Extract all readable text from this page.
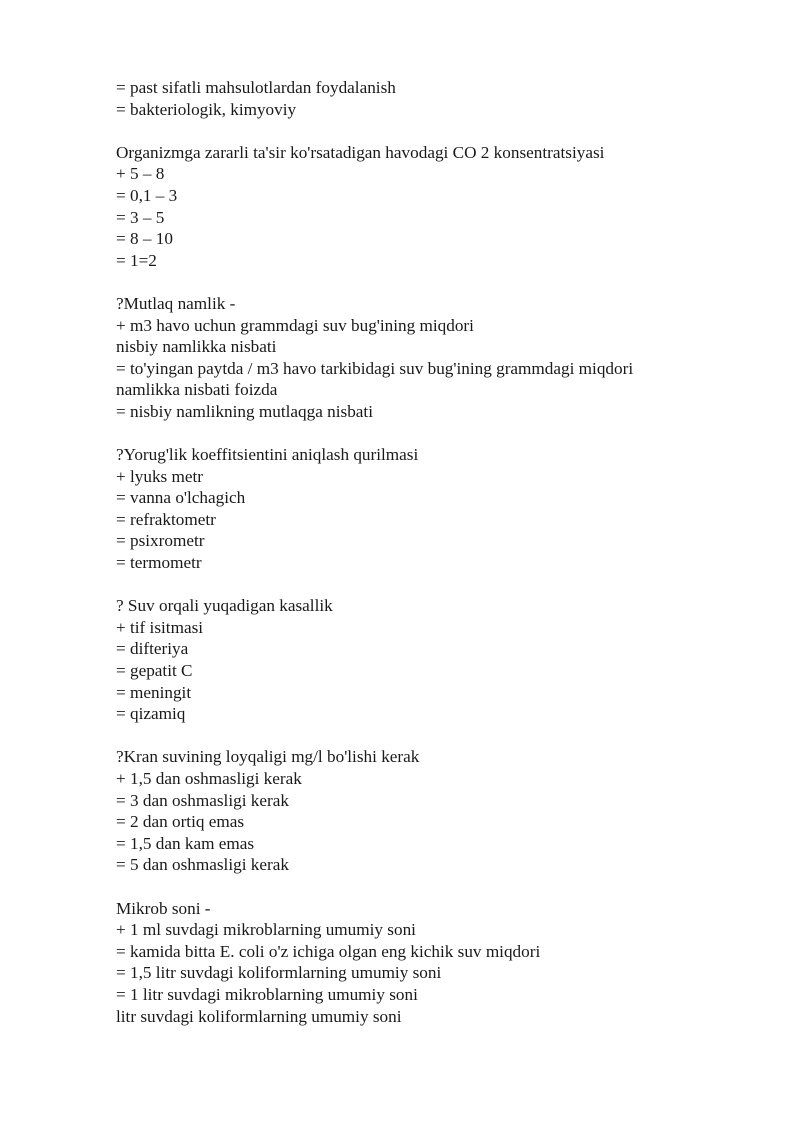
= past sifatli mahsulotlardan foydalanish
= bakteriologik, kimyoviy
Organizmga zararli ta'sir ko'rsatadigan havodagi CO 2 konsentratsiyasi
+ 5 – 8
= 0,1 – 3
= 3 – 5
= 8 – 10
= 1=2
?Mutlaq namlik -
+ m3 havo uchun grammdagi suv bug'ining miqdori
nisbiy namlikka nisbati
= to'yingan paytda / m3 havo tarkibidagi suv bug'ining grammdagi miqdori
namlikka nisbati foizda
= nisbiy namlikning mutlaqga nisbati
?Yorug'lik koeffitsientini aniqlash qurilmasi
+ lyuks metr
= vanna o'lchagich
= refraktometr
= psixrometr
= termometr
? Suv orqali yuqadigan kasallik
+ tif isitmasi
= difteriya
= gepatit C
= meningit
= qizamiq
?Kran suvining loyqaligi mg/l bo'lishi kerak
+ 1,5 dan oshmasligi kerak
= 3 dan oshmasligi kerak
= 2 dan ortiq emas
= 1,5 dan kam emas
= 5 dan oshmasligi kerak
Mikrob soni -
+ 1 ml suvdagi mikroblarning umumiy soni
= kamida bitta E. coli o'z ichiga olgan eng kichik suv miqdori
= 1,5 litr suvdagi koliformlarning umumiy soni
= 1 litr suvdagi mikroblarning umumiy soni
litr suvdagi koliformlarning umumiy soni
